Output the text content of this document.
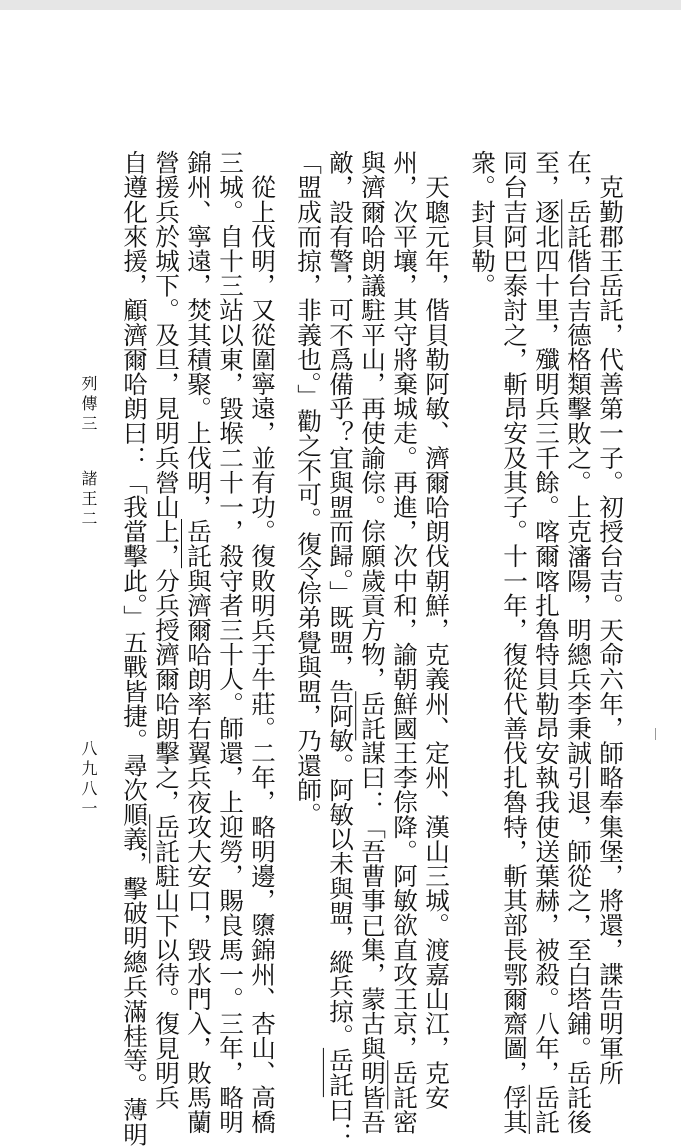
　克勤郡王岳託，代善第一子。初授台吉。天命六年，師略奉集堡，將還，諜告明軍所
在，岳託偕台吉德格類擊敗之。上克瀋陽，明總兵李秉誠引退，師從之，至白塔鋪。岳託後
至，逐北四十里，殲明兵三千餘。喀爾喀扎魯特貝勒昂安執我使送葉赫，被殺。八年，岳託
同台吉阿巴泰討之，斬昂安及其子。十一年，復從代善伐扎魯特，斬其部長鄂爾齋圖，俘其
衆。封貝勒。
　天聰元年，偕貝勒阿敏、濟爾哈朗伐朝鮮，克義州、定州、漢山三城。渡嘉山江，克安
州，次平壤，其守將棄城走。再進，次中和，諭朝鮮國王李倧降。阿敏欲直攻王京，岳託密
與濟爾哈朗議駐平山，再使諭倧。倧願歲貢方物，岳託謀曰：「吾曹事已集，蒙古與明皆吾
敵，設有警，可不爲備乎？宜與盟而歸。」既盟，告阿敏。阿敏以未與盟，縱兵掠。岳託曰：
「盟成而掠，非義也。」勸之不可。復令倧弟覺與盟，乃還師。
　從上伐明，又從圍寧遠，並有功。復敗明兵于牛莊。二年，略明邊，隳錦州、杏山、高橋
三城。自十三站以東，毀堠二十一，殺守者三十人。師還，上迎勞，賜良馬一。三年，略明
錦州、寧遠，焚其積聚。上伐明，岳託與濟爾哈朗率右翼兵夜攻大安口，毀水門入，敗馬蘭
營援兵於城下。及旦，見明兵營山上，分兵授濟爾哈朗擊之，岳託駐山下以待。復見明兵
自遵化來援，顧濟爾哈朗曰：「我當擊此。」五戰皆捷。尋次順義，擊破明總兵滿桂等。薄明
列傳三
諸王二
八九八一
